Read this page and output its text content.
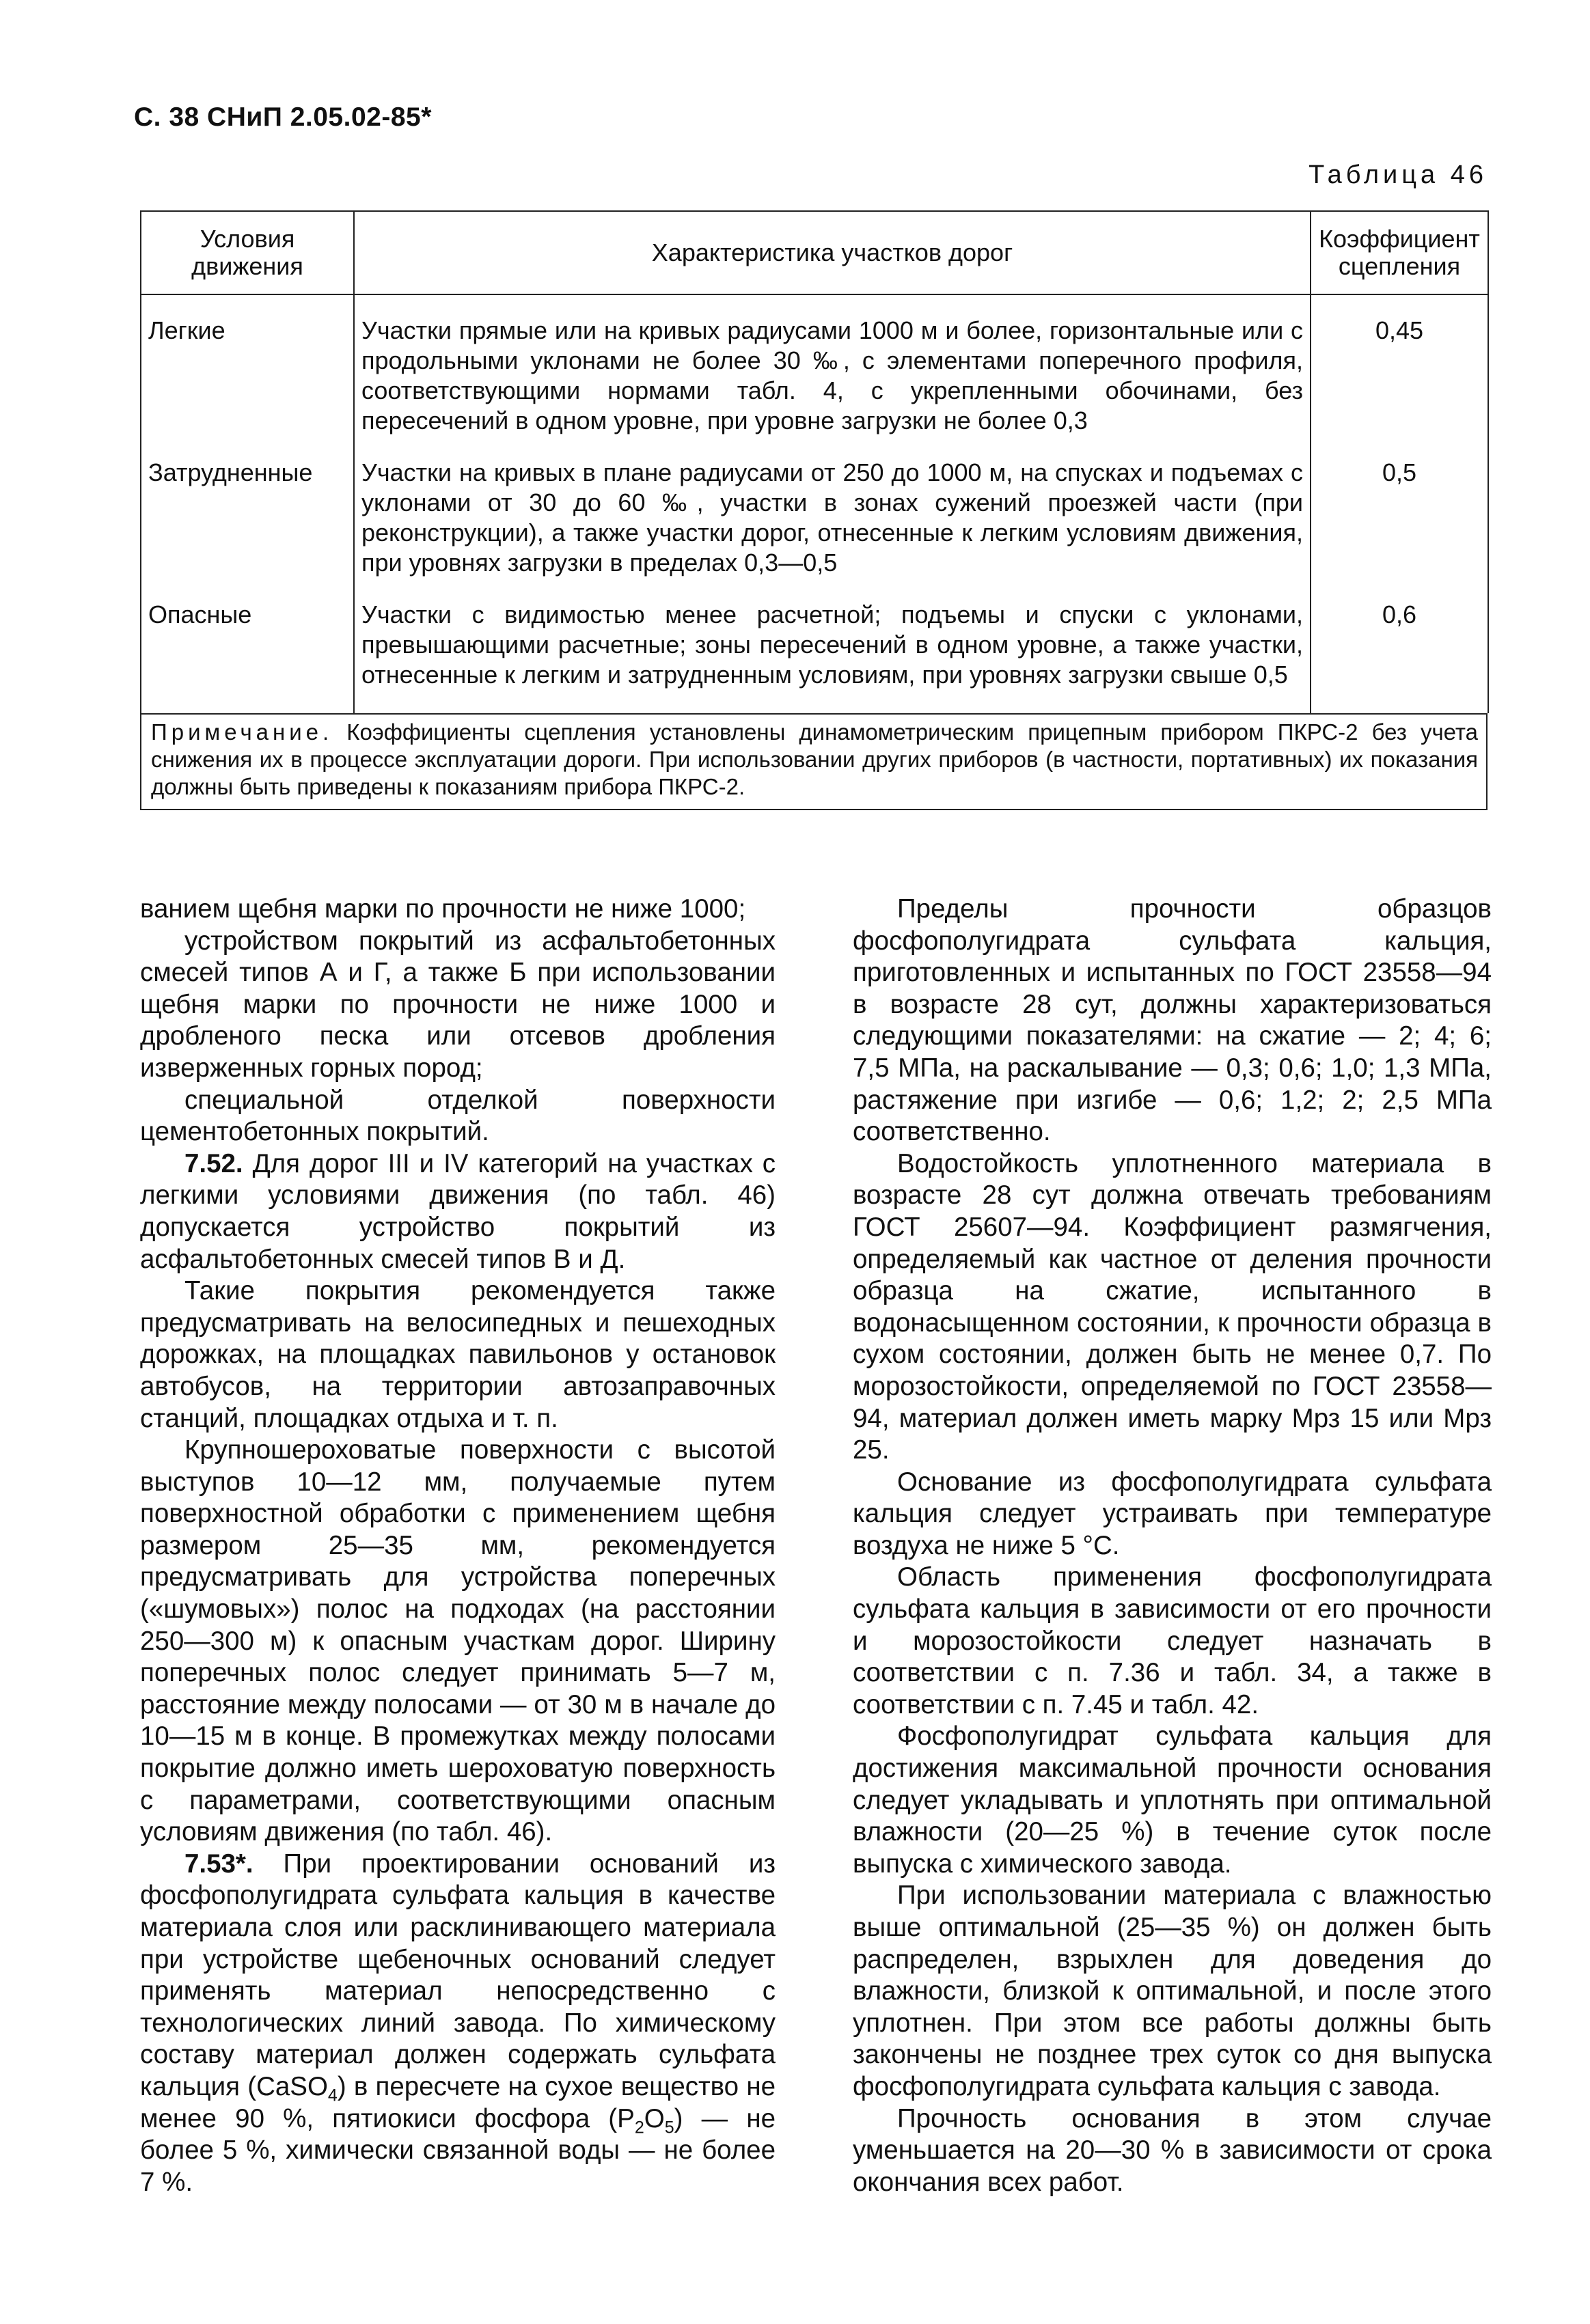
С. 38 СНиП 2.05.02-85*
Таблица 46
Условия движения	Характеристика участков дорог	Коэффициент сцепления
Легкие	Участки прямые или на кривых радиусами 1000 м и более, горизонтальные или с продольными уклонами не более 30 ‰, с элементами поперечного профиля, соответствующими нормами табл. 4, с укрепленными обочинами, без пересечений в одном уровне, при уровне загрузки не более 0,3	0,45
Затрудненные	Участки на кривых в плане радиусами от 250 до 1000 м, на спусках и подъемах с уклонами от 30 до 60 ‰, участки в зонах сужений проезжей части (при реконструкции), а также участки дорог, отнесенные к легким условиям движения, при уровнях загрузки в пределах 0,3—0,5	0,5
Опасные	Участки с видимостью менее расчетной; подъемы и спуски с уклонами, превышающими расчетные; зоны пересечений в одном уровне, а также участки, отнесенные к легким и затрудненным условиям, при уровнях загрузки свыше 0,5	0,6

Примечание. Коэффициенты сцепления установлены динамометрическим прицепным прибором ПКРС-2 без учета снижения их в процессе эксплуатации дороги. При использовании других приборов (в частности, портативных) их показания должны быть приведены к показаниям прибора ПКРС-2.

ванием щебня марки по прочности не ниже 1000;

устройством покрытий из асфальтобетонных смесей типов А и Г, а также Б при использовании щебня марки по прочности не ниже 1000 и дробленого песка или отсевов дробления изверженных горных пород;

специальной отделкой поверхности цементобетонных покрытий.

7.52. Для дорог III и IV категорий на участках с легкими условиями движения (по табл. 46) допускается устройство покрытий из асфальтобетонных смесей типов В и Д.

Такие покрытия рекомендуется также предусматривать на велосипедных и пешеходных дорожках, на площадках павильонов у остановок автобусов, на территории автозаправочных станций, площадках отдыха и т. п.

Крупношероховатые поверхности с высотой выступов 10—12 мм, получаемые путем поверхностной обработки с применением щебня размером 25—35 мм, рекомендуется предусматривать для устройства поперечных («шумовых») полос на подходах (на расстоянии 250—300 м) к опасным участкам дорог. Ширину поперечных полос следует принимать 5—7 м, расстояние между полосами — от 30 м в начале до 10—15 м в конце. В промежутках между полосами покрытие должно иметь шероховатую поверхность с параметрами, соответствующими опасным условиям движения (по табл. 46).

7.53*. При проектировании оснований из фосфополугидрата сульфата кальция в качестве материала слоя или расклинивающего материала при устройстве щебеночных оснований следует применять материал непосредственно с технологических линий завода. По химическому составу материал должен содержать сульфата кальция (CaSO$_4$) в пересчете на сухое вещество не менее 90 %, пятиокиси фосфора $(P_2O_5)$ — не более 5 %, химически связанной воды — не более 7 %.

Пределы прочности образцов фосфополугидрата сульфата кальция, приготовленных и испытанных по ГОСТ 23558—94 в возрасте 28 сут, должны характеризоваться следующими показателями: на сжатие — 2; 4; 6; 7,5 МПа, на раскалывание — 0,3; 0,6; 1,0; 1,3 МПа, растяжение при изгибе — 0,6; 1,2; 2; 2,5 МПа соответственно.

Водостойкость уплотненного материала в возрасте 28 сут должна отвечать требованиям ГОСТ 25607—94. Коэффициент размягчения, определяемый как частное от деления прочности образца на сжатие, испытанного в водонасыщенном состоянии, к прочности образца в сухом состоянии, должен быть не менее 0,7. По морозостойкости, определяемой по ГОСТ 23558—94, материал должен иметь марку Мрз 15 или Мрз 25.

Основание из фосфополугидрата сульфата кальция следует устраивать при температуре воздуха не ниже 5 °С.

Область применения фосфополугидрата сульфата кальция в зависимости от его прочности и морозостойкости следует назначать в соответствии с п. 7.36 и табл. 34, а также в соответствии с п. 7.45 и табл. 42.

Фосфополугидрат сульфата кальция для достижения максимальной прочности основания следует укладывать и уплотнять при оптимальной влажности (20—25 %) в течение суток после выпуска с химического завода.

При использовании материала с влажностью выше оптимальной (25—35 %) он должен быть распределен, взрыхлен для доведения до влажности, близкой к оптимальной, и после этого уплотнен. При этом все работы должны быть закончены не позднее трех суток со дня выпуска фосфополугидрата сульфата кальция с завода.

Прочность основания в этом случае уменьшается на 20—30 % в зависимости от срока окончания всех работ.
